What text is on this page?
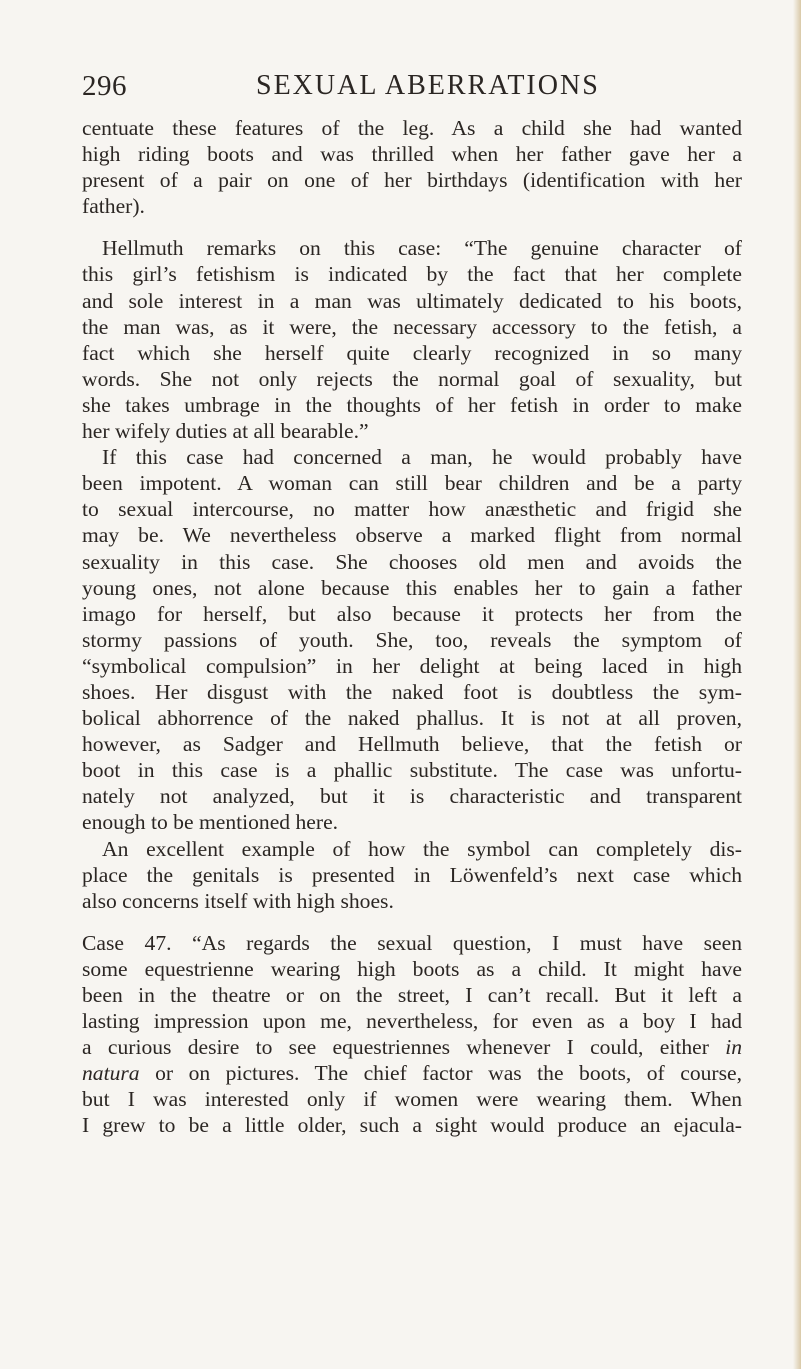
296	SEXUAL ABERRATIONS
centuate these features of the leg. As a child she had wanted
high riding boots and was thrilled when her father gave her a
present of a pair on one of her birthdays (identification with her
father).
Hellmuth remarks on this case: “The genuine character of
this girl’s fetishism is indicated by the fact that her complete
and sole interest in a man was ultimately dedicated to his boots,
the man was, as it were, the necessary accessory to the fetish, a
fact which she herself quite clearly recognized in so many
words. She not only rejects the normal goal of sexuality, but
she takes umbrage in the thoughts of her fetish in order to make
her wifely duties at all bearable.”
If this case had concerned a man, he would probably have
been impotent. A woman can still bear children and be a party
to sexual intercourse, no matter how anæsthetic and frigid she
may be. We nevertheless observe a marked flight from normal
sexuality in this case. She chooses old men and avoids the
young ones, not alone because this enables her to gain a father
imago for herself, but also because it protects her from the
stormy passions of youth. She, too, reveals the symptom of
“symbolical compulsion” in her delight at being laced in high
shoes. Her disgust with the naked foot is doubtless the sym-
bolical abhorrence of the naked phallus. It is not at all proven,
however, as Sadger and Hellmuth believe, that the fetish or
boot in this case is a phallic substitute. The case was unfortu-
nately not analyzed, but it is characteristic and transparent
enough to be mentioned here.
An excellent example of how the symbol can completely dis-
place the genitals is presented in Löwenfeld’s next case which
also concerns itself with high shoes.
Case 47. “As regards the sexual question, I must have seen
some equestrienne wearing high boots as a child. It might have
been in the theatre or on the street, I can’t recall. But it left a
lasting impression upon me, nevertheless, for even as a boy I had
a curious desire to see equestriennes whenever I could, either in
natura or on pictures. The chief factor was the boots, of course,
but I was interested only if women were wearing them. When
I grew to be a little older, such a sight would produce an ejacula-
